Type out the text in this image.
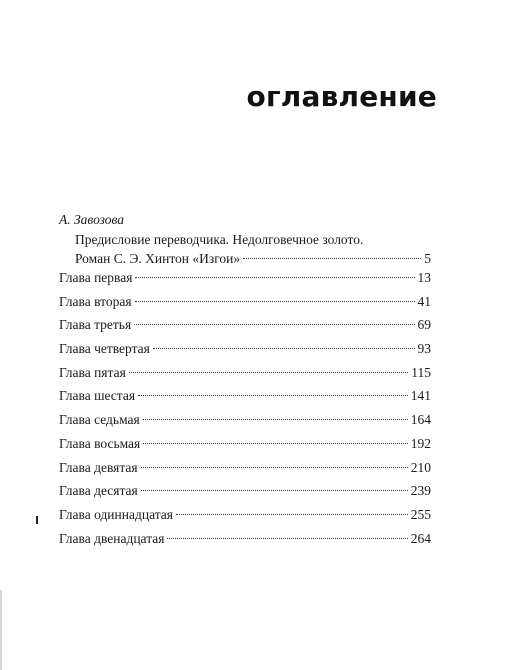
оглавление
А. Завозова
Предисловие переводчика. Недолговечное золото.
Роман С. Э. Хинтон «Изгои»	5
Глава первая	13
Глава вторая	41
Глава третья	69
Глава четвертая	93
Глава пятая	115
Глава шестая	141
Глава седьмая	164
Глава восьмая	192
Глава девятая	210
Глава десятая	239
Глава одиннадцатая	255
Глава двенадцатая	264
